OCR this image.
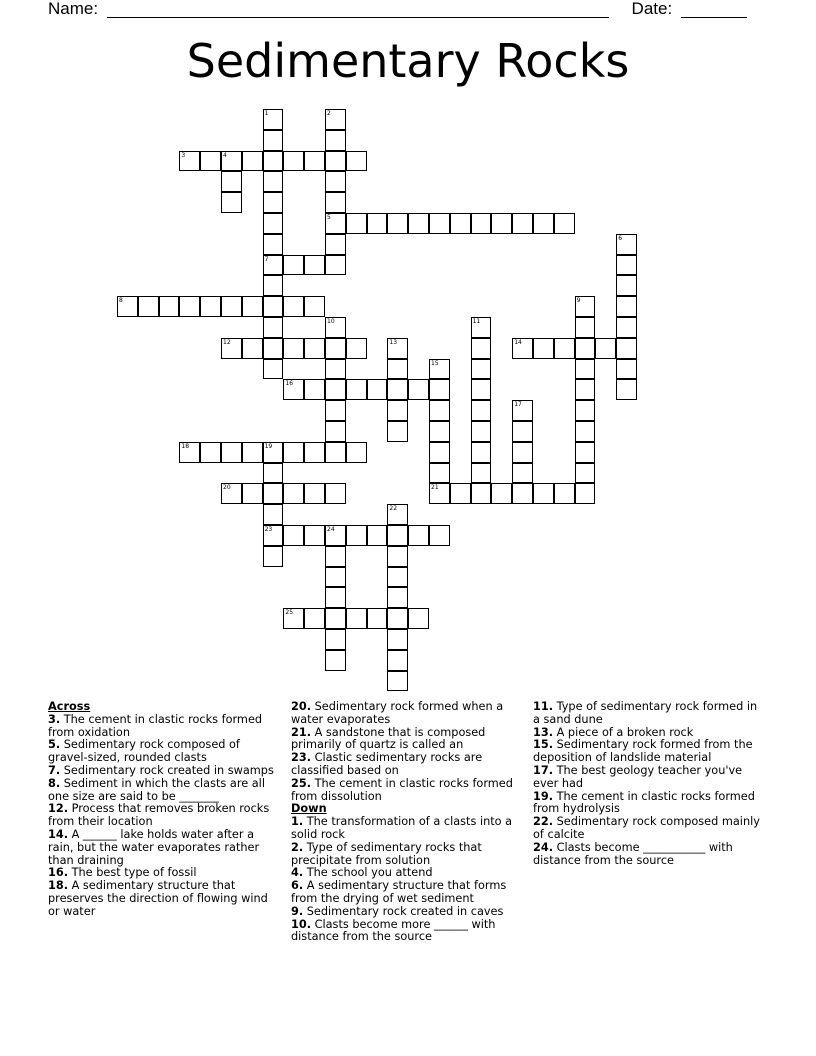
Name:	Date:
Sedimentary Rocks
1
7
2
5
3	4
6
8	9
10	11
12	13	14
15
21
16
17
18	19
23
20
22
24
25
Across
3. The cement in clastic rocks formed from oxidation
5. Sedimentary rock composed of gravel-sized, rounded clasts
7. Sedimentary rock created in swamps
8. Sediment in which the clasts are all one size are said to be _______
12. Process that removes broken rocks from their location
14. A ______ lake holds water after a rain, but the water evaporates rather than draining
16. The best type of fossil
18. A sedimentary structure that preserves the direction of flowing wind or water
20. Sedimentary rock formed when a water evaporates
21. A sandstone that is composed primarily of quartz is called an
23. Clastic sedimentary rocks are classified based on
25. The cement in clastic rocks formed from dissolution
Down
1. The transformation of a clasts into a solid rock
2. Type of sedimentary rocks that precipitate from solution
4. The school you attend
6. A sedimentary structure that forms from the drying of wet sediment
9. Sedimentary rock created in caves
10. Clasts become more ______ with distance from the source
11. Type of sedimentary rock formed in a sand dune
13. A piece of a broken rock
15. Sedimentary rock formed from the deposition of landslide material
17. The best geology teacher you've ever had
19. The cement in clastic rocks formed from hydrolysis
22. Sedimentary rock composed mainly of calcite
24. Clasts become ___________ with distance from the source
